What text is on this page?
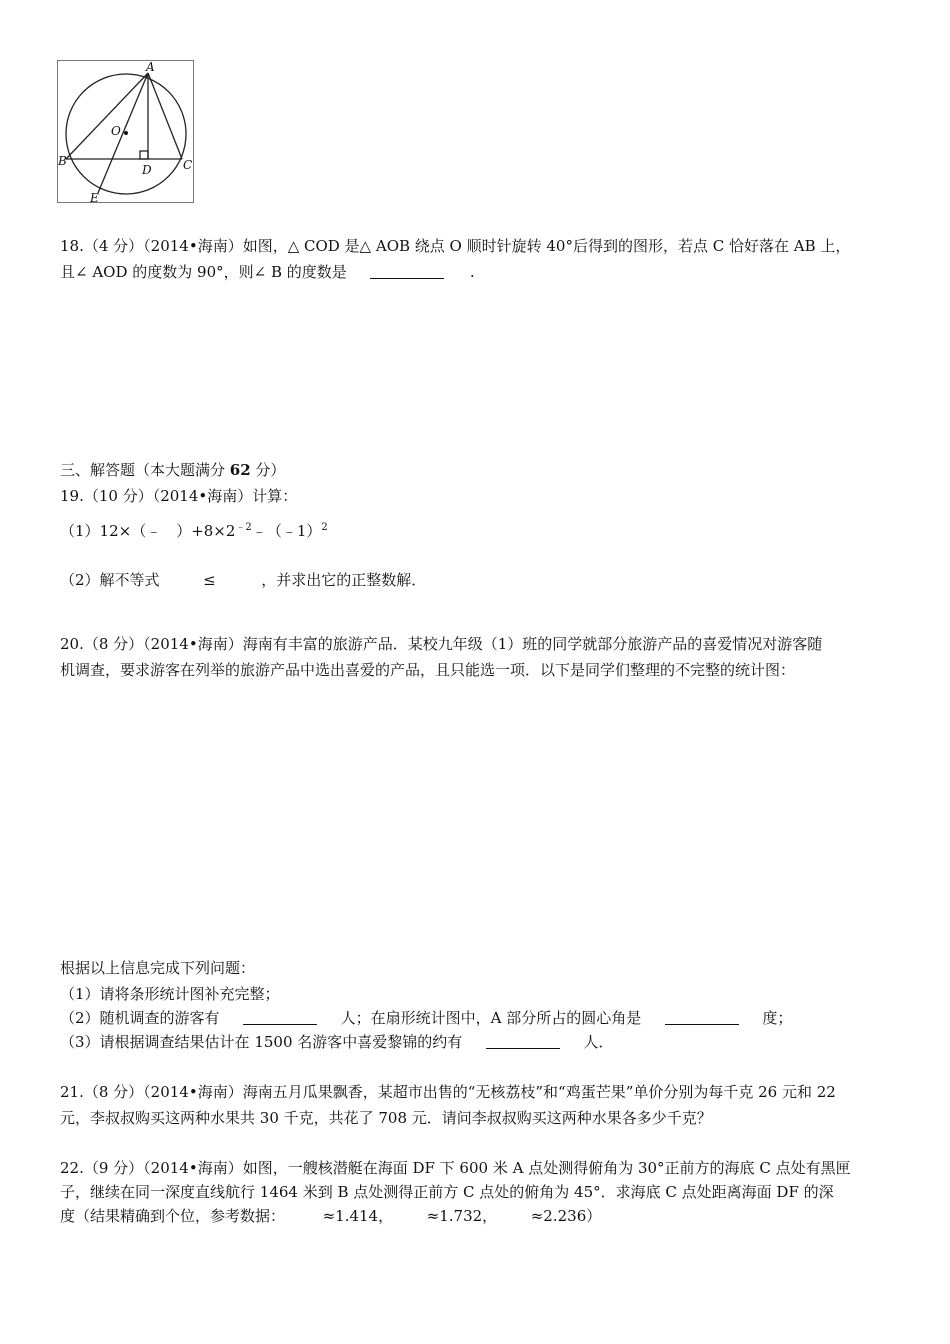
A
B	C
D
E
O
18.（4 分）（2014•海南）如图，△ COD 是△ AOB 绕点 O 顺时针旋转 40°后得到的图形，若点 C 恰好落在 AB 上，
且∠ AOD 的度数为 90°，则∠ B 的度数是	.
三、解答题（本大题满分 62 分）
19.（10 分）（2014•海南）计算：
（1）12×（﹣　）$+8\times 2^{﹣2}﹣(﹣1)^2$
（2）解不等式	≤	，并求出它的正整数解．
20.（8 分）（2014•海南）海南有丰富的旅游产品．某校九年级（1）班的同学就部分旅游产品的喜爱情况对游客随
机调查，要求游客在列举的旅游产品中选出喜爱的产品，且只能选一项．以下是同学们整理的不完整的统计图：
根据以上信息完成下列问题：
（1）请将条形统计图补充完整；
（2）随机调查的游客有	人；在扇形统计图中，A 部分所占的圆心角是	度；
（3）请根据调查结果估计在 1500 名游客中喜爱黎锦的约有	人．
21.（8 分）（2014•海南）海南五月瓜果飘香，某超市出售的“无核荔枝”和“鸡蛋芒果”单价分别为每千克 26 元和 22
元，李叔叔购买这两种水果共 30 千克，共花了 708 元．请问李叔叔购买这两种水果各多少千克？
22.（9 分）（2014•海南）如图，一艘核潜艇在海面 DF 下 600 米 A 点处测得俯角为 30°正前方的海底 C 点处有黑匣
子，继续在同一深度直线航行 1464 米到 B 点处测得正前方 C 点处的俯角为 45°．求海底 C 点处距离海面 DF 的深
度（结果精确到个位，参考数据：	≈1.414， ≈1.732， ≈2.236）
